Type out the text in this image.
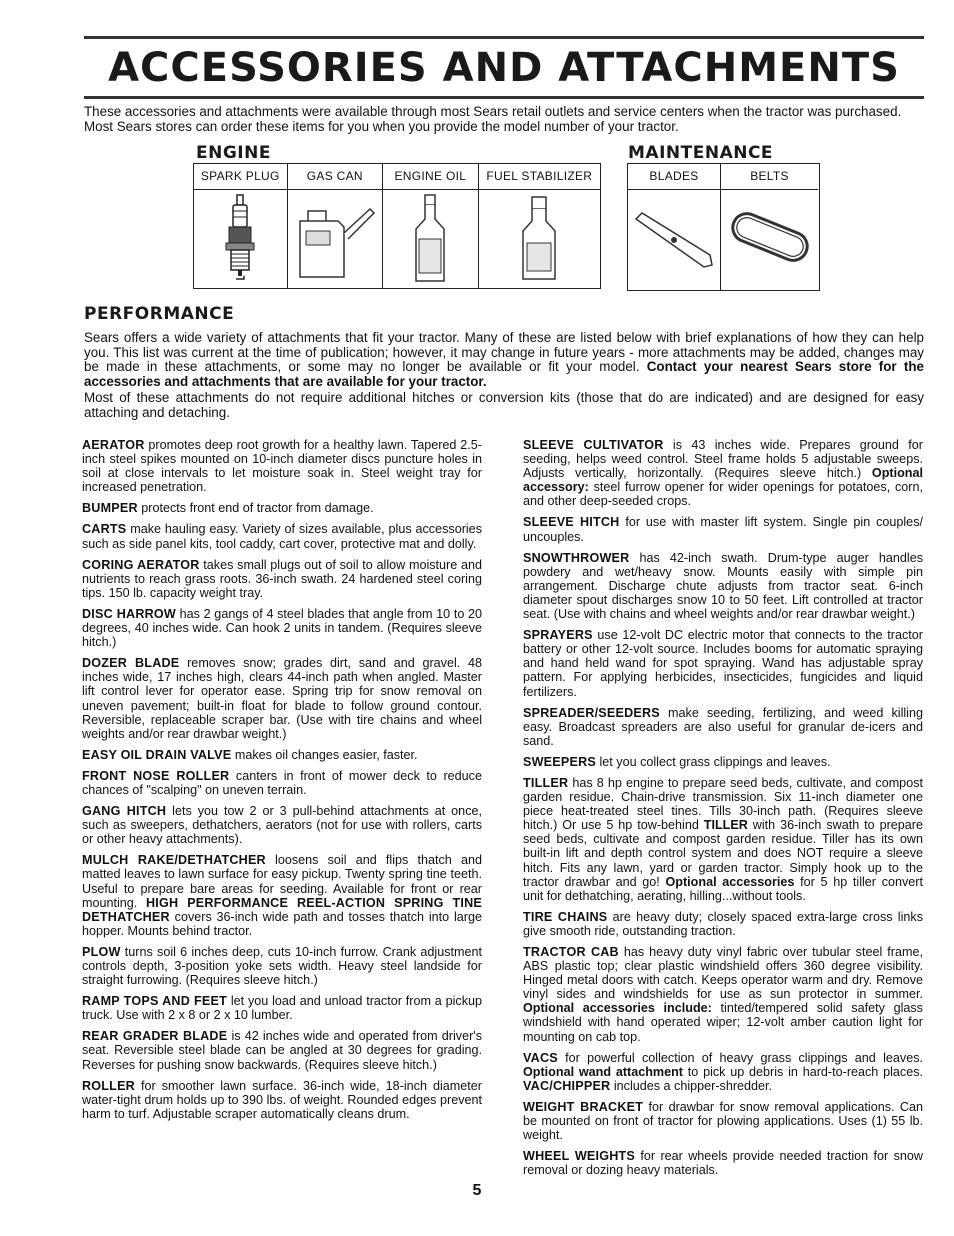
ACCESSORIES AND ATTACHMENTS
These accessories and attachments were available through most Sears retail outlets and service centers when the tractor was purchased. Most Sears stores can order these items for you when you provide the model number of your tractor.
ENGINE	MAINTENANCE
SPARK PLUG	GAS CAN	ENGINE OIL	FUEL STABILIZER	BLADES	BELTS
PERFORMANCE
Sears offers a wide variety of attachments that fit your tractor. Many of these are listed below with brief explanations of how they can help you. This list was current at the time of publication; however, it may change in future years - more attachments may be added, changes may be made in these attachments, or some may no longer be available or fit your model. Contact your nearest Sears store for the accessories and attachments that are available for your tractor.
Most of these attachments do not require additional hitches or conversion kits (those that do are indicated) and are designed for easy attaching and detaching.

AERATOR promotes deep root growth for a healthy lawn. Tapered 2.5-inch steel spikes mounted on 10-inch diameter discs puncture holes in soil at close intervals to let moisture soak in. Steel weight tray for increased penetration.

BUMPER protects front end of tractor from damage.

CARTS make hauling easy. Variety of sizes available, plus accessories such as side panel kits, tool caddy, cart cover, protective mat and dolly.

CORING AERATOR takes small plugs out of soil to allow moisture and nutrients to reach grass roots. 36-inch swath. 24 hardened steel coring tips. 150 lb. capacity weight tray.

DISC HARROW has 2 gangs of 4 steel blades that angle from 10 to 20 degrees, 40 inches wide. Can hook 2 units in tandem. (Requires sleeve hitch.)

DOZER BLADE removes snow; grades dirt, sand and gravel. 48 inches wide, 17 inches high, clears 44-inch path when angled. Master lift control lever for operator ease. Spring trip for snow removal on uneven pavement; built-in float for blade to follow ground contour. Reversible, replaceable scraper bar. (Use with tire chains and wheel weights and/or rear drawbar weight.)

EASY OIL DRAIN VALVE makes oil changes easier, faster.

FRONT NOSE ROLLER canters in front of mower deck to reduce chances of "scalping" on uneven terrain.

GANG HITCH lets you tow 2 or 3 pull-behind attachments at once, such as sweepers, dethatchers, aerators (not for use with rollers, carts or other heavy attachments).

MULCH RAKE/DETHATCHER loosens soil and flips thatch and matted leaves to lawn surface for easy pickup. Twenty spring tine teeth. Useful to prepare bare areas for seeding. Available for front or rear mounting. HIGH PERFORMANCE REEL-ACTION SPRING TINE DETHATCHER covers 36-inch wide path and tosses thatch into large hopper. Mounts behind tractor.

PLOW turns soil 6 inches deep, cuts 10-inch furrow. Crank adjustment controls depth, 3-position yoke sets width. Heavy steel landside for straight furrowing. (Requires sleeve hitch.)

RAMP TOPS AND FEET let you load and unload tractor from a pickup truck. Use with 2 x 8 or 2 x 10 lumber.

REAR GRADER BLADE is 42 inches wide and operated from driver's seat. Reversible steel blade can be angled at 30 degrees for grading. Reverses for pushing snow backwards. (Requires sleeve hitch.)

ROLLER for smoother lawn surface. 36-inch wide, 18-inch diameter water-tight drum holds up to 390 lbs. of weight. Rounded edges prevent harm to turf. Adjustable scraper automatically cleans drum.

SLEEVE CULTIVATOR is 43 inches wide. Prepares ground for seeding, helps weed control. Steel frame holds 5 adjustable sweeps. Adjusts vertically, horizontally. (Requires sleeve hitch.) Optional accessory: steel furrow opener for wider openings for potatoes, corn, and other deep-seeded crops.

SLEEVE HITCH for use with master lift system. Single pin couples/ uncouples.

SNOWTHROWER has 42-inch swath. Drum-type auger handles powdery and wet/heavy snow. Mounts easily with simple pin arrangement. Discharge chute adjusts from tractor seat. 6-inch diameter spout discharges snow 10 to 50 feet. Lift controlled at tractor seat. (Use with chains and wheel weights and/or rear drawbar weight.)

SPRAYERS use 12-volt DC electric motor that connects to the tractor battery or other 12-volt source. Includes booms for automatic spraying and hand held wand for spot spraying. Wand has adjustable spray pattern. For applying herbicides, insecticides, fungicides and liquid fertilizers.

SPREADER/SEEDERS make seeding, fertilizing, and weed killing easy. Broadcast spreaders are also useful for granular de-icers and sand.

SWEEPERS let you collect grass clippings and leaves.

TILLER has 8 hp engine to prepare seed beds, cultivate, and compost garden residue. Chain-drive transmission. Six 11-inch diameter one piece heat-treated steel tines. Tills 30-inch path. (Requires sleeve hitch.) Or use 5 hp tow-behind TILLER with 36-inch swath to prepare seed beds, cultivate and compost garden residue. Tiller has its own built-in lift and depth control system and does NOT require a sleeve hitch. Fits any lawn, yard or garden tractor. Simply hook up to the tractor drawbar and go! Optional accessories for 5 hp tiller convert unit for dethatching, aerating, hilling...without tools.

TIRE CHAINS are heavy duty; closely spaced extra-large cross links give smooth ride, outstanding traction.

TRACTOR CAB has heavy duty vinyl fabric over tubular steel frame, ABS plastic top; clear plastic windshield offers 360 degree visibility. Hinged metal doors with catch. Keeps operator warm and dry. Remove vinyl sides and windshields for use as sun protector in summer. Optional accessories include: tinted/tempered solid safety glass windshield with hand operated wiper; 12-volt amber caution light for mounting on cab top.

VACS for powerful collection of heavy grass clippings and leaves. Optional wand attachment to pick up debris in hard-to-reach places. VAC/CHIPPER includes a chipper-shredder.

WEIGHT BRACKET for drawbar for snow removal applications. Can be mounted on front of tractor for plowing applications. Uses (1) 55 lb. weight.

WHEEL WEIGHTS for rear wheels provide needed traction for snow removal or dozing heavy materials.

5
